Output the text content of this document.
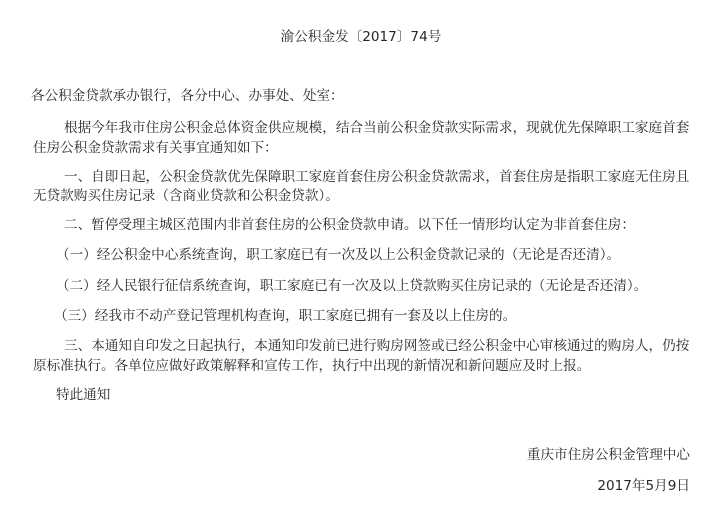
渝公积金发〔2017〕74号
各公积金贷款承办银行，各分中心、办事处、处室：
根据今年我市住房公积金总体资金供应规模，结合当前公积金贷款实际需求，现就优先保障职工家庭首套
住房公积金贷款需求有关事宜通知如下：
一、自即日起，公积金贷款优先保障职工家庭首套住房公积金贷款需求，首套住房是指职工家庭无住房且
无贷款购买住房记录（含商业贷款和公积金贷款）。
二、暂停受理主城区范围内非首套住房的公积金贷款申请。以下任一情形均认定为非首套住房：
（一）经公积金中心系统查询，职工家庭已有一次及以上公积金贷款记录的（无论是否还清）。
（二）经人民银行征信系统查询，职工家庭已有一次及以上贷款购买住房记录的（无论是否还清）。
（三）经我市不动产登记管理机构查询，职工家庭已拥有一套及以上住房的。
三、本通知自印发之日起执行，本通知印发前已进行购房网签或已经公积金中心审核通过的购房人，仍按
原标准执行。各单位应做好政策解释和宣传工作，执行中出现的新情况和新问题应及时上报。
特此通知
重庆市住房公积金管理中心
2017年5月9日
